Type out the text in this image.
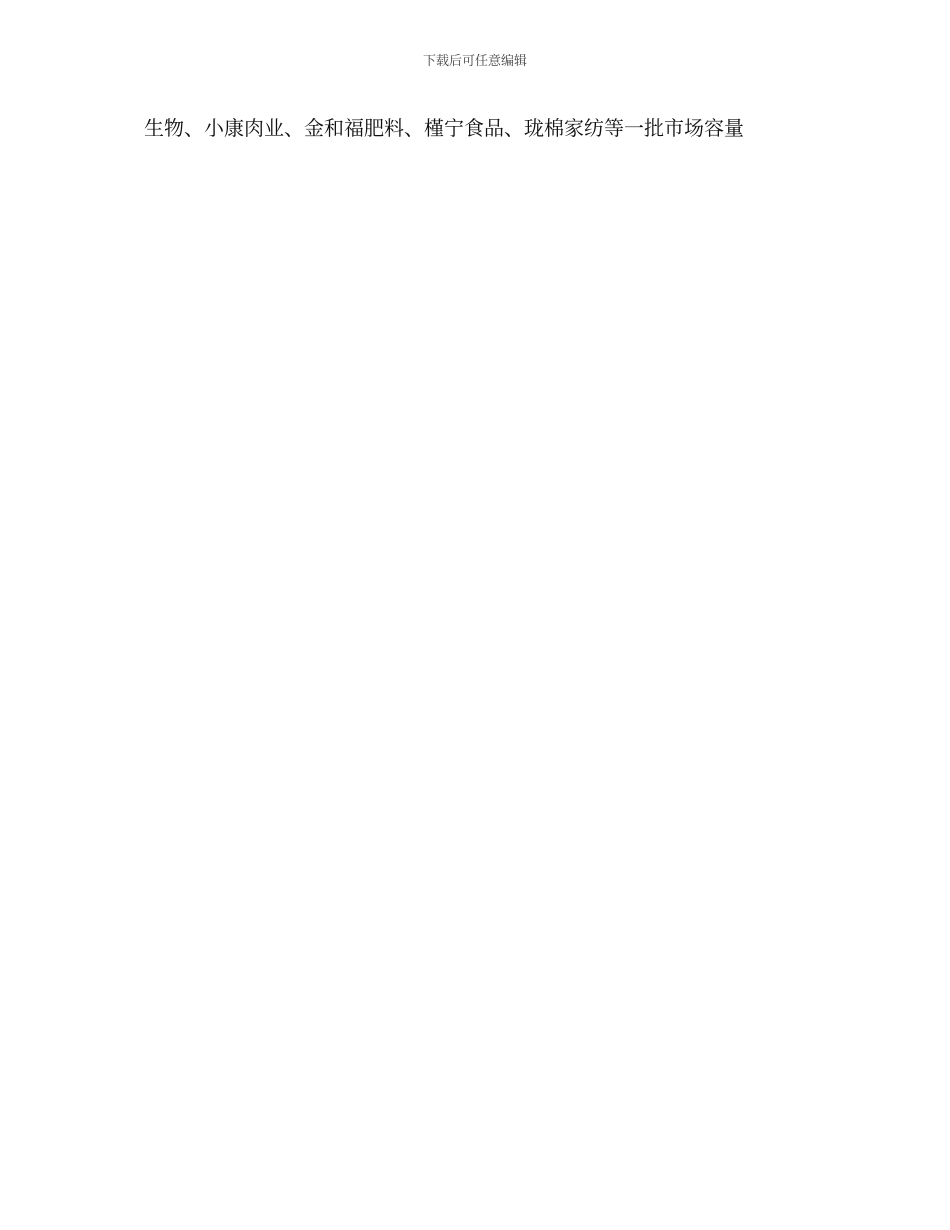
下载后可任意编辑
生物、小康肉业、金和福肥料、槿宁食品、珑棉家纺等一批市场容量
